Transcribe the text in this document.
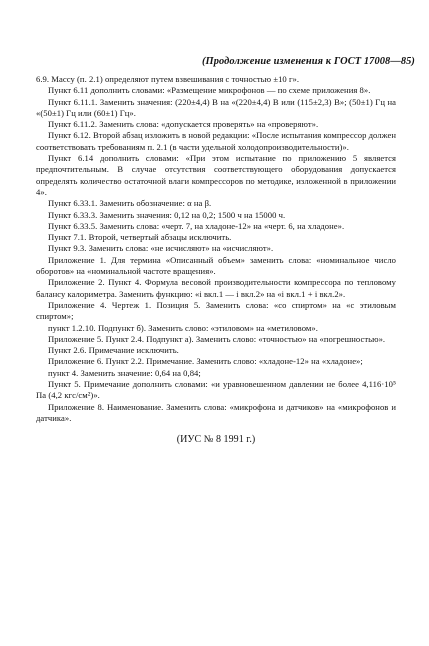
(Продолжение изменения к ГОСТ 17008—85)

6.9. Массу (п. 2.1) определяют путем взвешивания с точностью ±10 г».

Пункт 6.11 дополнить словами: «Размещение микрофонов — по схеме приложения 8».

Пункт 6.11.1. Заменить значения: (220±4,4) В на «(220±4,4) В или (115±2,3) В»; (50±1) Гц на «(50±1) Гц или (60±1) Гц».

Пункт 6.11.2. Заменить слова: «допускается проверять» на «проверяют».

Пункт 6.12. Второй абзац изложить в новой редакции: «После испытания компрессор должен соответствовать требованиям п. 2.1 (в части удельной холодопроизводительности)».

Пункт 6.14 дополнить словами: «При этом испытание по приложению 5 является предпочтительным. В случае отсутствия соответствующего оборудования допускается определять количество остаточной влаги компрессоров по методике, изложенной в приложении 4».

Пункт 6.33.1. Заменить обозначение: α на β.

Пункт 6.33.3. Заменить значения: 0,12 на 0,2; 1500 ч на 15000 ч.

Пункт 6.33.5. Заменить слова: «черт. 7, на хладоне-12» на «черт. 6, на хладоне».

Пункт 7.1. Второй, четвертый абзацы исключить.

Пункт 9.3. Заменить слова: «не исчисляют» на «исчисляют».

Приложение 1. Для термина «Описанный объем» заменить слова: «номинальное число оборотов» на «номинальной частоте вращения».

Приложение 2. Пункт 4. Формула весовой производительности компрессора по тепловому балансу калориметра. Заменить функцию: «i вкл.1 — i вкл.2» на «i вкл.1 + i вкл.2».

Приложение 4. Чертеж 1. Позиция 5. Заменить слова: «со спиртом» на «с этиловым спиртом»;

пункт 1.2.10. Подпункт б). Заменить слово: «этиловом» на «метиловом».

Приложение 5. Пункт 2.4. Подпункт а). Заменить слово: «точностью» на «погрешностью».

Пункт 2.6. Примечание исключить.

Приложение 6. Пункт 2.2. Примечание. Заменить слово: «хладоне-12» на «хладоне»;

пункт 4. Заменить значение: 0,64 на 0,84;

Пункт 5. Примечание дополнить словами: «и уравновешенном давлении не более 4,116·10⁵ Па (4,2 кгс/см²)».

Приложение 8. Наименование. Заменить слова: «микрофона и датчиков» на «микрофонов и датчика».

(ИУС № 8 1991 г.)
